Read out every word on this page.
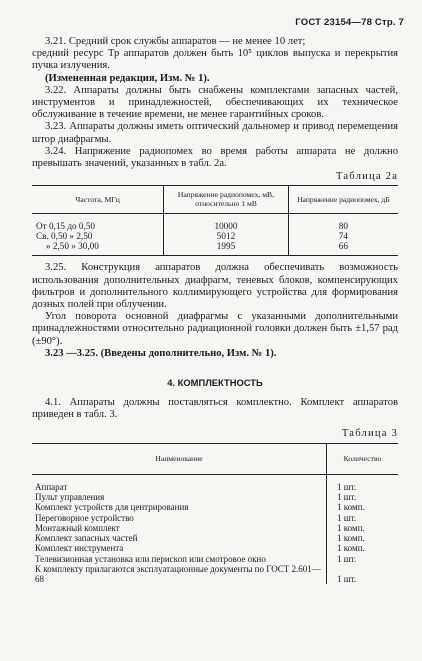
ГОСТ 23154—78 Стр. 7

3.21. Средний срок службы аппаратов — не менее 10 лет;

средний ресурс Тр аппаратов должен быть 10⁵ циклов выпуска и перекрытия пучка излучения.

(Измененная редакция, Изм. № 1).

3.22. Аппараты должны быть снабжены комплектами запасных частей, инструментов и принадлежностей, обеспечивающих их техническое обслуживание в течение времени, не менее гарантийных сроков.

3.23. Аппараты должны иметь оптический дальномер и привод перемещения штор диафрагмы.

3.24. Напряжение радиопомех во время работы аппарата не должно превышать значений, указанных в табл. 2а.

Таблица 2а

Частота, МГц	Напряжение радиопомех, мВ, относительно 1 мВ	Напряжение радиопомех, дБ
От 0,15 до 0,50	10000	80
Св. 0,50 » 2,50	5012	74
» 2,50 » 30,00	1995	66

3.25. Конструкция аппаратов должна обеспечивать возможность использования дополнительных диафрагм, теневых блоков, компенсирующих фильтров и дополнительного коллимирующего устройства для формирования дозных полей при облучении.

Угол поворота основной диафрагмы с указанными дополнительными принадлежностями относительно радиационной головки должен быть ±1,57 рад (±90°).

3.23 —3.25. (Введены дополнительно, Изм. № 1).

4. КОМПЛЕКТНОСТЬ

4.1. Аппараты должны поставляться комплектно. Комплект аппаратов приведен в табл. 3.

Таблица 3

Наименование	Количество
Аппарат	1 шт.
Пульт управления	1 шт.
Комплект устройств для центрирования	1 комп.
Переговорное устройство	1 шт.
Монтажный комплект	1 комп.
Комплект запасных частей	1 комп.
Комплект инструмента	1 комп.
Телевизионная установка или перископ или смотровое окно	1 шт.
К комплекту прилагаются эксплуатационные документы по ГОСТ 2.601—68	1 шт.
